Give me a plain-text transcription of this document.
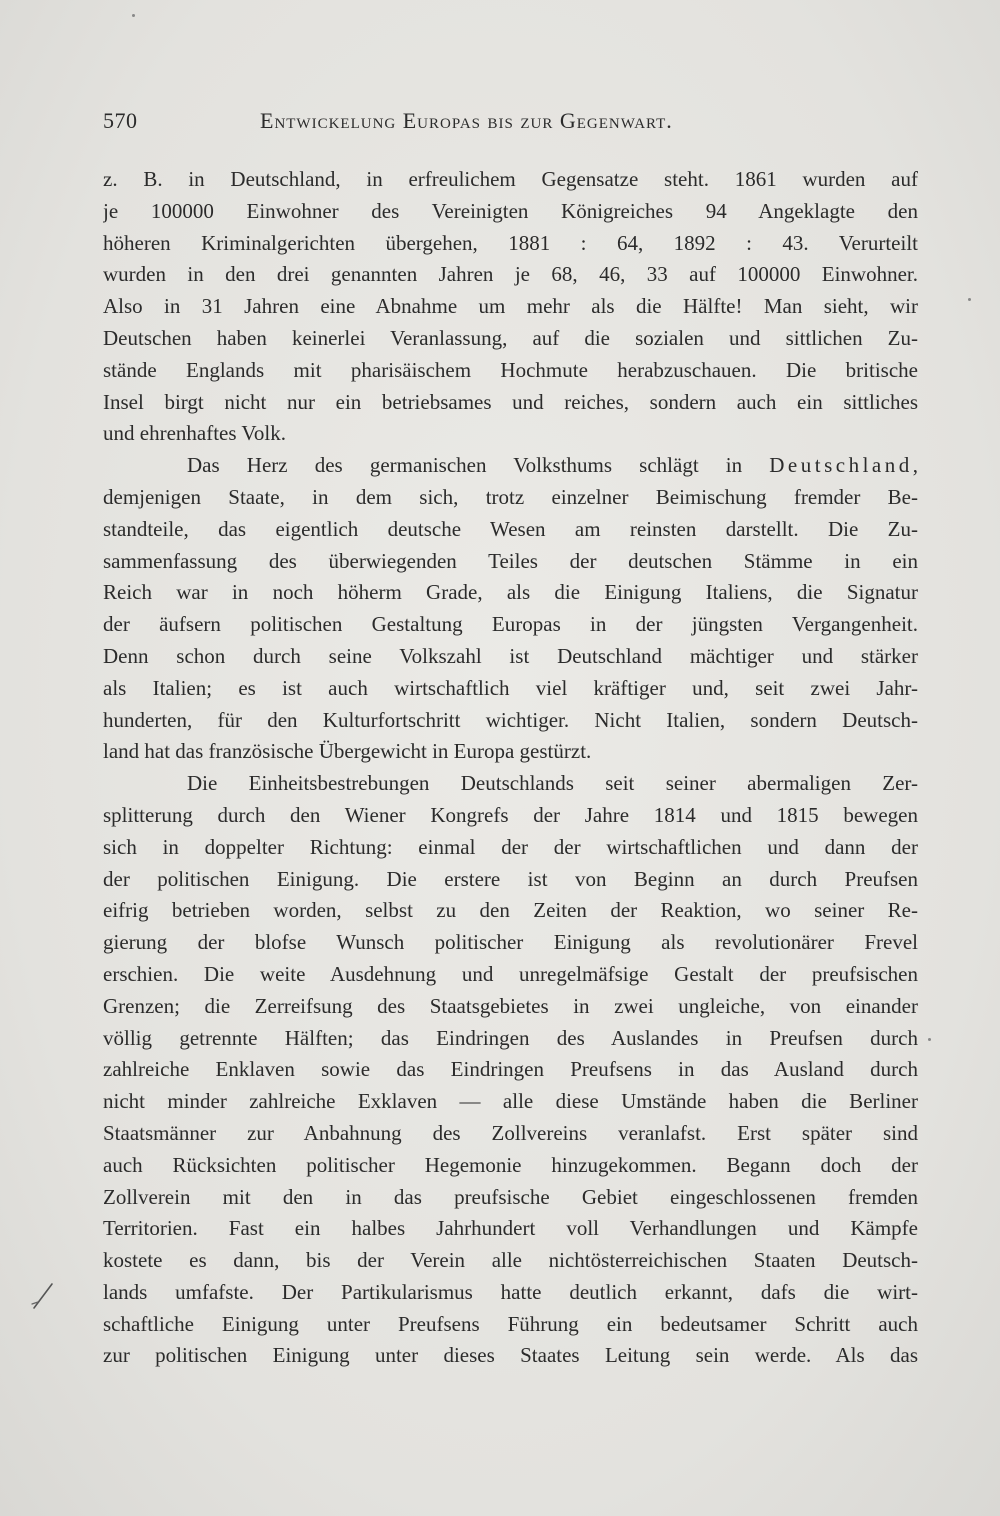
570	Entwickelung Europas bis zur Gegenwart.
z. B. in Deutschland, in erfreulichem Gegensatze steht. 1861 wurden auf
je 100000 Einwohner des Vereinigten Königreiches 94 Angeklagte den
höheren Kriminalgerichten übergehen, 1881 : 64, 1892 : 43. Verurteilt
wurden in den drei genannten Jahren je 68, 46, 33 auf 100000 Einwohner.
Also in 31 Jahren eine Abnahme um mehr als die Hälfte! Man sieht, wir
Deutschen haben keinerlei Veranlassung, auf die sozialen und sittlichen Zu-
stände Englands mit pharisäischem Hochmute herabzuschauen. Die britische
Insel birgt nicht nur ein betriebsames und reiches, sondern auch ein sittliches
und ehrenhaftes Volk.
Das Herz des germanischen Volksthums schlägt in Deutschland,
demjenigen Staate, in dem sich, trotz einzelner Beimischung fremder Be-
standteile, das eigentlich deutsche Wesen am reinsten darstellt. Die Zu-
sammenfassung des überwiegenden Teiles der deutschen Stämme in ein
Reich war in noch höherm Grade, als die Einigung Italiens, die Signatur
der äufsern politischen Gestaltung Europas in der jüngsten Vergangenheit.
Denn schon durch seine Volkszahl ist Deutschland mächtiger und stärker
als Italien; es ist auch wirtschaftlich viel kräftiger und, seit zwei Jahr-
hunderten, für den Kulturfortschritt wichtiger. Nicht Italien, sondern Deutsch-
land hat das französische Übergewicht in Europa gestürzt.
Die Einheitsbestrebungen Deutschlands seit seiner abermaligen Zer-
splitterung durch den Wiener Kongrefs der Jahre 1814 und 1815 bewegen
sich in doppelter Richtung: einmal der der wirtschaftlichen und dann der
der politischen Einigung. Die erstere ist von Beginn an durch Preufsen
eifrig betrieben worden, selbst zu den Zeiten der Reaktion, wo seiner Re-
gierung der blofse Wunsch politischer Einigung als revolutionärer Frevel
erschien. Die weite Ausdehnung und unregelmäfsige Gestalt der preufsischen
Grenzen; die Zerreifsung des Staatsgebietes in zwei ungleiche, von einander
völlig getrennte Hälften; das Eindringen des Auslandes in Preufsen durch
zahlreiche Enklaven sowie das Eindringen Preufsens in das Ausland durch
nicht minder zahlreiche Exklaven — alle diese Umstände haben die Berliner
Staatsmänner zur Anbahnung des Zollvereins veranlafst. Erst später sind
auch Rücksichten politischer Hegemonie hinzugekommen. Begann doch der
Zollverein mit den in das preufsische Gebiet eingeschlossenen fremden
Territorien. Fast ein halbes Jahrhundert voll Verhandlungen und Kämpfe
kostete es dann, bis der Verein alle nichtösterreichischen Staaten Deutsch-
lands umfafste. Der Partikularismus hatte deutlich erkannt, dafs die wirt-
schaftliche Einigung unter Preufsens Führung ein bedeutsamer Schritt auch
zur politischen Einigung unter dieses Staates Leitung sein werde. Als das
